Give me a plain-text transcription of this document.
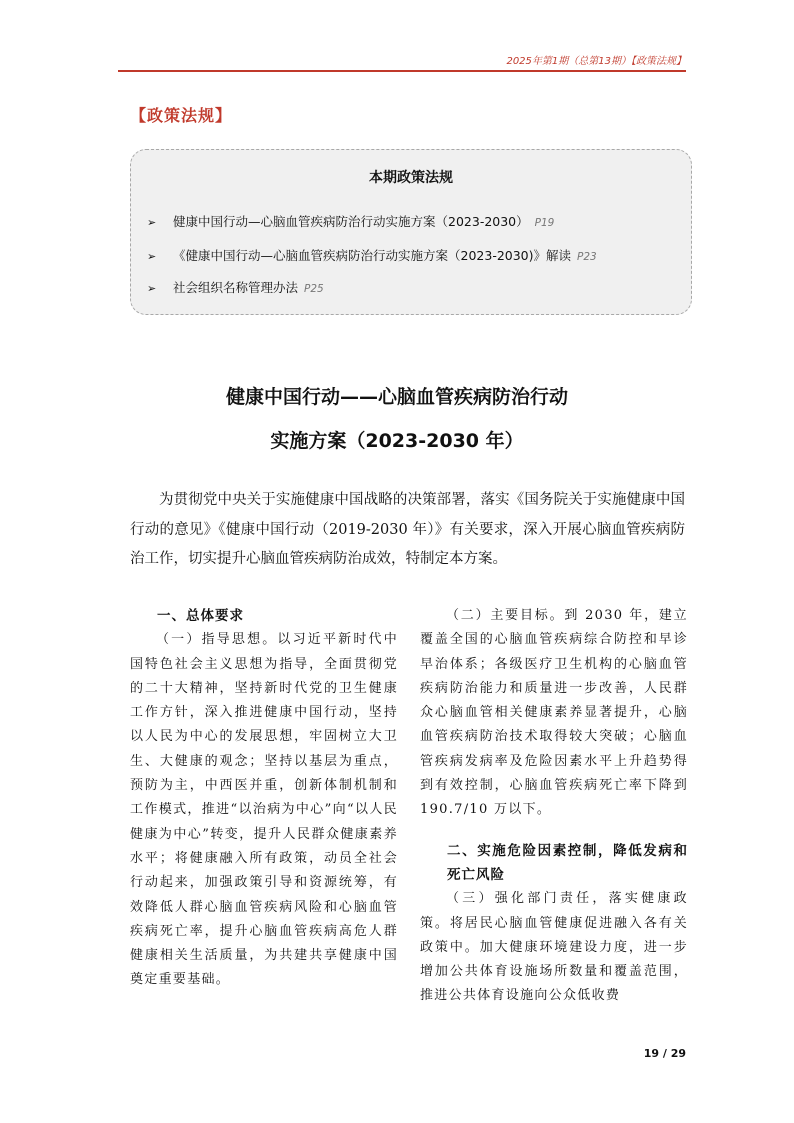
2025年第1期（总第13期）【政策法规】
【政策法规】
本期政策法规
➢ 健康中国行动—心脑血管疾病防治行动实施方案（2023-2030） P19
➢ 《健康中国行动—心脑血管疾病防治行动实施方案（2023-2030)》解读 P23
➢ 社会组织名称管理办法 P25
健康中国行动——心脑血管疾病防治行动
实施方案（2023-2030 年）

为贯彻党中央关于实施健康中国战略的决策部署，落实《国务院关于实施健康中国行动的意见》《健康中国行动（2019-2030 年）》有关要求，深入开展心脑血管疾病防治工作，切实提升心脑血管疾病防治成效，特制定本方案。

一、总体要求

（一）指导思想。以习近平新时代中国特色社会主义思想为指导，全面贯彻党的二十大精神，坚持新时代党的卫生健康工作方针，深入推进健康中国行动，坚持以人民为中心的发展思想，牢固树立大卫生、大健康的观念；坚持以基层为重点，预防为主，中西医并重，创新体制机制和工作模式，推进“以治病为中心”向“以人民健康为中心”转变，提升人民群众健康素养水平；将健康融入所有政策，动员全社会行动起来，加强政策引导和资源统筹，有效降低人群心脑血管疾病风险和心脑血管疾病死亡率，提升心脑血管疾病高危人群健康相关生活质量，为共建共享健康中国奠定重要基础。

（二）主要目标。到 2030 年，建立覆盖全国的心脑血管疾病综合防控和早诊早治体系；各级医疗卫生机构的心脑血管疾病防治能力和质量进一步改善，人民群众心脑血管相关健康素养显著提升，心脑血管疾病防治技术取得较大突破；心脑血管疾病发病率及危险因素水平上升趋势得到有效控制，心脑血管疾病死亡率下降到 190.7/10 万以下。

二、实施危险因素控制，降低发病和死亡风险

（三）强化部门责任，落实健康政策。将居民心脑血管健康促进融入各有关政策中。加大健康环境建设力度，进一步增加公共体育设施场所数量和覆盖范围，推进公共体育设施向公众低收费

19 / 29
